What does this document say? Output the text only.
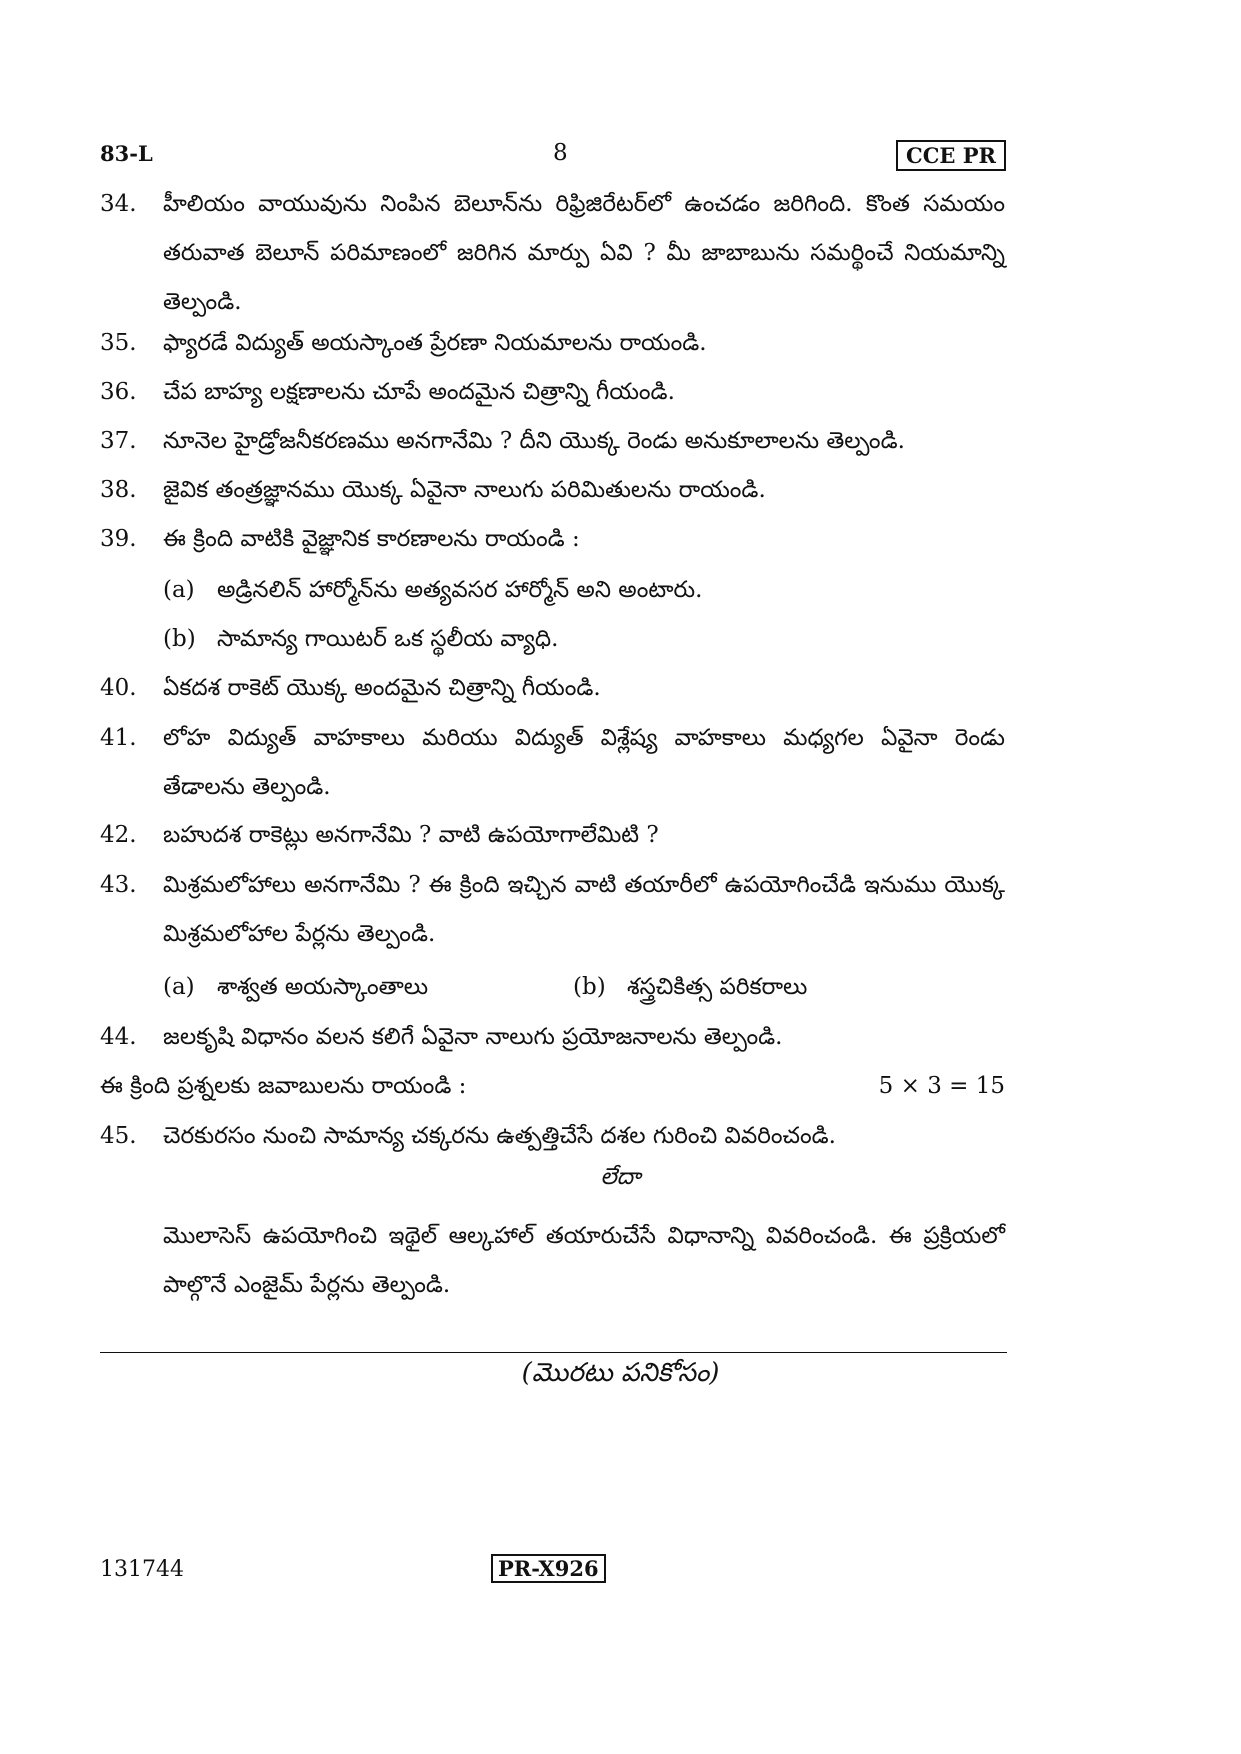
83-L	8	CCE PR
34. హీలియం వాయువును నింపిన బెలూన్‌ను రిఫ్రిజిరేటర్‌లో ఉంచడం జరిగింది. కొంత సమయం తరువాత బెలూన్ పరిమాణంలో జరిగిన మార్పు ఏవి ? మీ జాబాబును సమర్థించే నియమాన్ని తెల్పండి.
35. ఫ్యారడే విద్యుత్ అయస్కాంత ప్రేరణా నియమాలను రాయండి.
36. చేప బాహ్య లక్షణాలను చూపే అందమైన చిత్రాన్ని గీయండి.
37. నూనెల హైడ్రోజనీకరణము అనగానేమి ? దీని యొక్క రెండు అనుకూలాలను తెల్పండి.
38. జైవిక తంత్రజ్ఞానము యొక్క ఏవైనా నాలుగు పరిమితులను రాయండి.
39. ఈ క్రింది వాటికి వైజ్ఞానిక కారణాలను రాయండి :
(a) అడ్రినలిన్ హార్మోన్‌ను అత్యవసర హార్మోన్ అని అంటారు.
(b) సామాన్య గాయిటర్ ఒక స్థలీయ వ్యాధి.
40. ఏకదశ రాకెట్ యొక్క అందమైన చిత్రాన్ని గీయండి.
41. లోహ విద్యుత్ వాహకాలు మరియు విద్యుత్ విశ్లేష్య వాహకాలు మధ్యగల ఏవైనా రెండు తేడాలను తెల్పండి.
42. బహుదశ రాకెట్లు అనగానేమి ? వాటి ఉపయోగాలేమిటి ?
43. మిశ్రమలోహాలు అనగానేమి ? ఈ క్రింది ఇచ్చిన వాటి తయారీలో ఉపయోగించేడి ఇనుము యొక్క మిశ్రమలోహాల పేర్లను తెల్పండి.
(a) శాశ్వత అయస్కాంతాలు	(b) శస్త్రచికిత్స పరికరాలు
44. జలకృషి విధానం వలన కలిగే ఏవైనా నాలుగు ప్రయోజనాలను తెల్పండి.
ఈ క్రింది ప్రశ్నలకు జవాబులను రాయండి :	5 × 3 = 15
45. చెరకురసం నుంచి సామాన్య చక్కరను ఉత్పత్తిచేసే దశల గురించి వివరించండి.
లేదా
మొలాసెస్ ఉపయోగించి ఇథైల్ ఆల్కహాల్ తయారుచేసే విధానాన్ని వివరించండి. ఈ ప్రక్రియలో పాల్గొనే ఎంజైమ్ పేర్లను తెల్పండి.
(మొరటు పనికోసం)
131744	PR-X926
